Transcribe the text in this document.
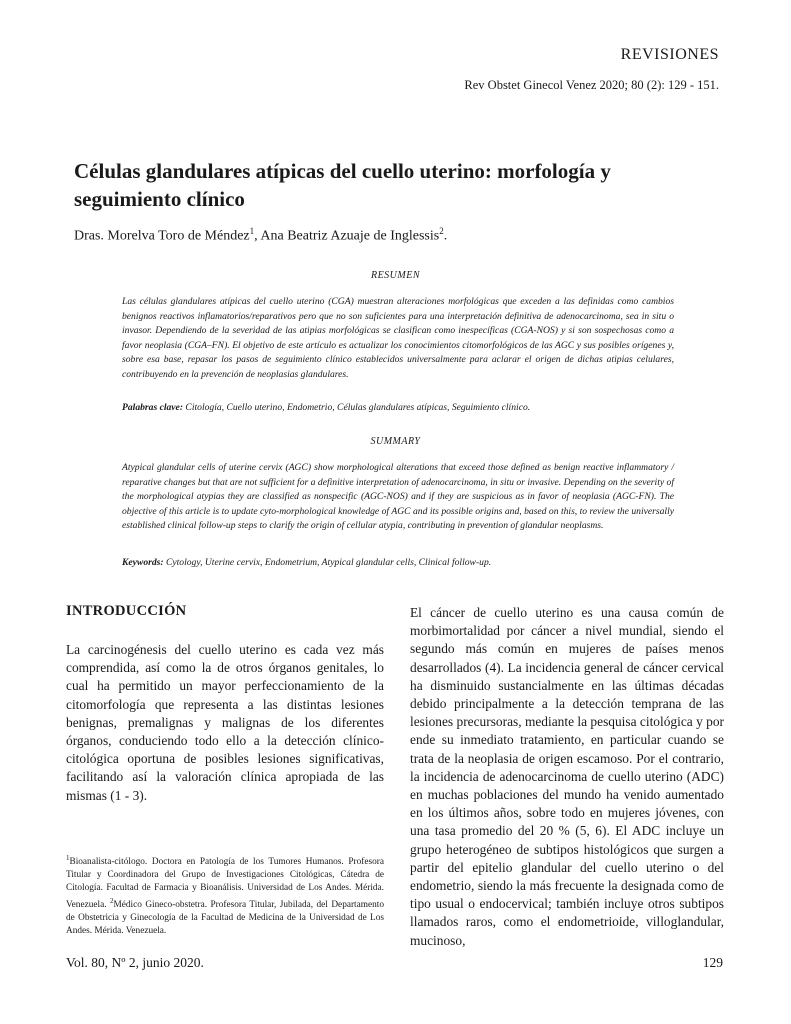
REVISIONES
Rev Obstet Ginecol Venez 2020; 80 (2): 129 - 151.
Células glandulares atípicas del cuello uterino: morfología y seguimiento clínico
Dras. Morelva Toro de Méndez$^1$, Ana Beatriz Azuaje de Inglessis$^2$.
RESUMEN

Las células glandulares atípicas del cuello uterino (CGA) muestran alteraciones morfológicas que exceden a las definidas como cambios benignos reactivos inflamatorios/reparativos pero que no son suficientes para una interpretación definitiva de adenocarcinoma, sea in situ o invasor. Dependiendo de la severidad de las atipias morfológicas se clasifican como inespecíficas (CGA-NOS) y si son sospechosas como a favor neoplasia (CGA–FN). El objetivo de este artículo es actualizar los conocimientos citomorfológicos de las AGC y sus posibles orígenes y, sobre esa base, repasar los pasos de seguimiento clínico establecidos universalmente para aclarar el origen de dichas atipias celulares, contribuyendo en la prevención de neoplasias glandulares.

Palabras clave: Citología, Cuello uterino, Endometrio, Células glandulares atípicas, Seguimiento clínico.

SUMMARY

Atypical glandular cells of uterine cervix (AGC) show morphological alterations that exceed those defined as benign reactive inflammatory / reparative changes but that are not sufficient for a definitive interpretation of adenocarcinoma, in situ or invasive. Depending on the severity of the morphological atypias they are classified as nonspecific (AGC-NOS) and if they are suspicious as in favor of neoplasia (AGC-FN). The objective of this article is to update cyto-morphological knowledge of AGC and its possible origins and, based on this, to review the universally established clinical follow-up steps to clarify the origin of cellular atypia, contributing in prevention of glandular neoplasms.

Keywords: Cytology, Uterine cervix, Endometrium, Atypical glandular cells, Clinical follow-up.

INTRODUCCIÓN

La carcinogénesis del cuello uterino es cada vez más comprendida, así como la de otros órganos genitales, lo cual ha permitido un mayor perfeccionamiento de la citomorfología que representa a las distintas lesiones benignas, premalignas y malignas de los diferentes órganos, conduciendo todo ello a la detección clínico-citológica oportuna de posibles lesiones significativas, facilitando así la valoración clínica apropiada de las mismas (1 - 3).

El cáncer de cuello uterino es una causa común de morbimortalidad por cáncer a nivel mundial, siendo el segundo más común en mujeres de países menos desarrollados (4). La incidencia general de cáncer cervical ha disminuido sustancialmente en las últimas décadas debido principalmente a la detección temprana de las lesiones precursoras, mediante la pesquisa citológica y por ende su inmediato tratamiento, en particular cuando se trata de la neoplasia de origen escamoso. Por el contrario, la incidencia de adenocarcinoma de cuello uterino (ADC) en muchas poblaciones del mundo ha venido aumentado en los últimos años, sobre todo en mujeres jóvenes, con una tasa promedio del 20 % (5, 6). El ADC incluye un grupo heterogéneo de subtipos histológicos que surgen a partir del epitelio glandular del cuello uterino o del endometrio, siendo la más frecuente la designada como de tipo usual o endocervical; también incluye otros subtipos llamados raros, como el endometrioide, villoglandular, mucinoso,

$^1$Bioanalista-citólogo. Doctora en Patología de los Tumores Humanos. Profesora Titular y Coordinadora del Grupo de Investigaciones Citológicas, Cátedra de Citología. Facultad de Farmacia y Bioanálisis. Universidad de Los Andes. Mérida. Venezuela. $^2$Médico Gineco-obstetra. Profesora Titular, Jubilada, del Departamento de Obstetricia y Ginecología de la Facultad de Medicina de la Universidad de Los Andes. Mérida. Venezuela.

Vol. 80, Nº 2, junio 2020.	129
